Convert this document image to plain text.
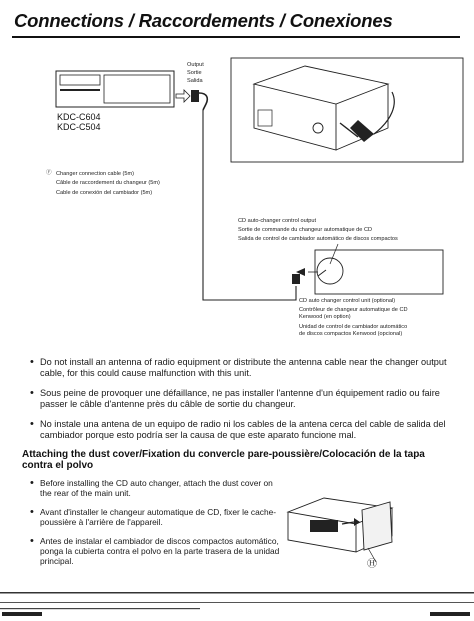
Connections / Raccordements / Conexiones
Output
Sortie
Salida
KDC-C604
KDC-C504
Ⓕ Changer connection cable (5m)
Câble de raccordement du changeur (5m)
Cable de conexión del cambiador (5m)
CD auto-changer control output
Sortie de commande du changeur automatique de CD
Salida de control de cambiador automático de discos compactos
CD auto changer control unit (optional)
Contrôleur de changeur automatique de CD
Kenwood (en option)
Unidad de control de cambiador automático
de discos compactos Kenwood (opcional)
• Do not install an antenna of radio equipment or distribute the antenna cable near the changer output cable, for this could cause malfunction with this unit.
• Sous peine de provoquer une défaillance, ne pas installer l'antenne d'un équipement radio ou faire passer le câble d'antenne près du câble de sortie du changeur.
• No instale una antena de un equipo de radio ni los cables de la antena cerca del cable de salida del cambiador porque esto podría ser la causa de que este aparato funcione mal.
Attaching the dust cover/Fixation du convercle pare-poussière/Colocación de la tapa contra el polvo
• Before installing the CD auto changer, attach the dust cover on the rear of the main unit.
• Avant d'installer le changeur automatique de CD, fixer le cache-poussière à l'arrière de l'appareil.
• Antes de instalar el cambiador de discos compactos automático, ponga la cubierta contra el polvo en la parte trasera de la unidad principal.	Ⓗ
